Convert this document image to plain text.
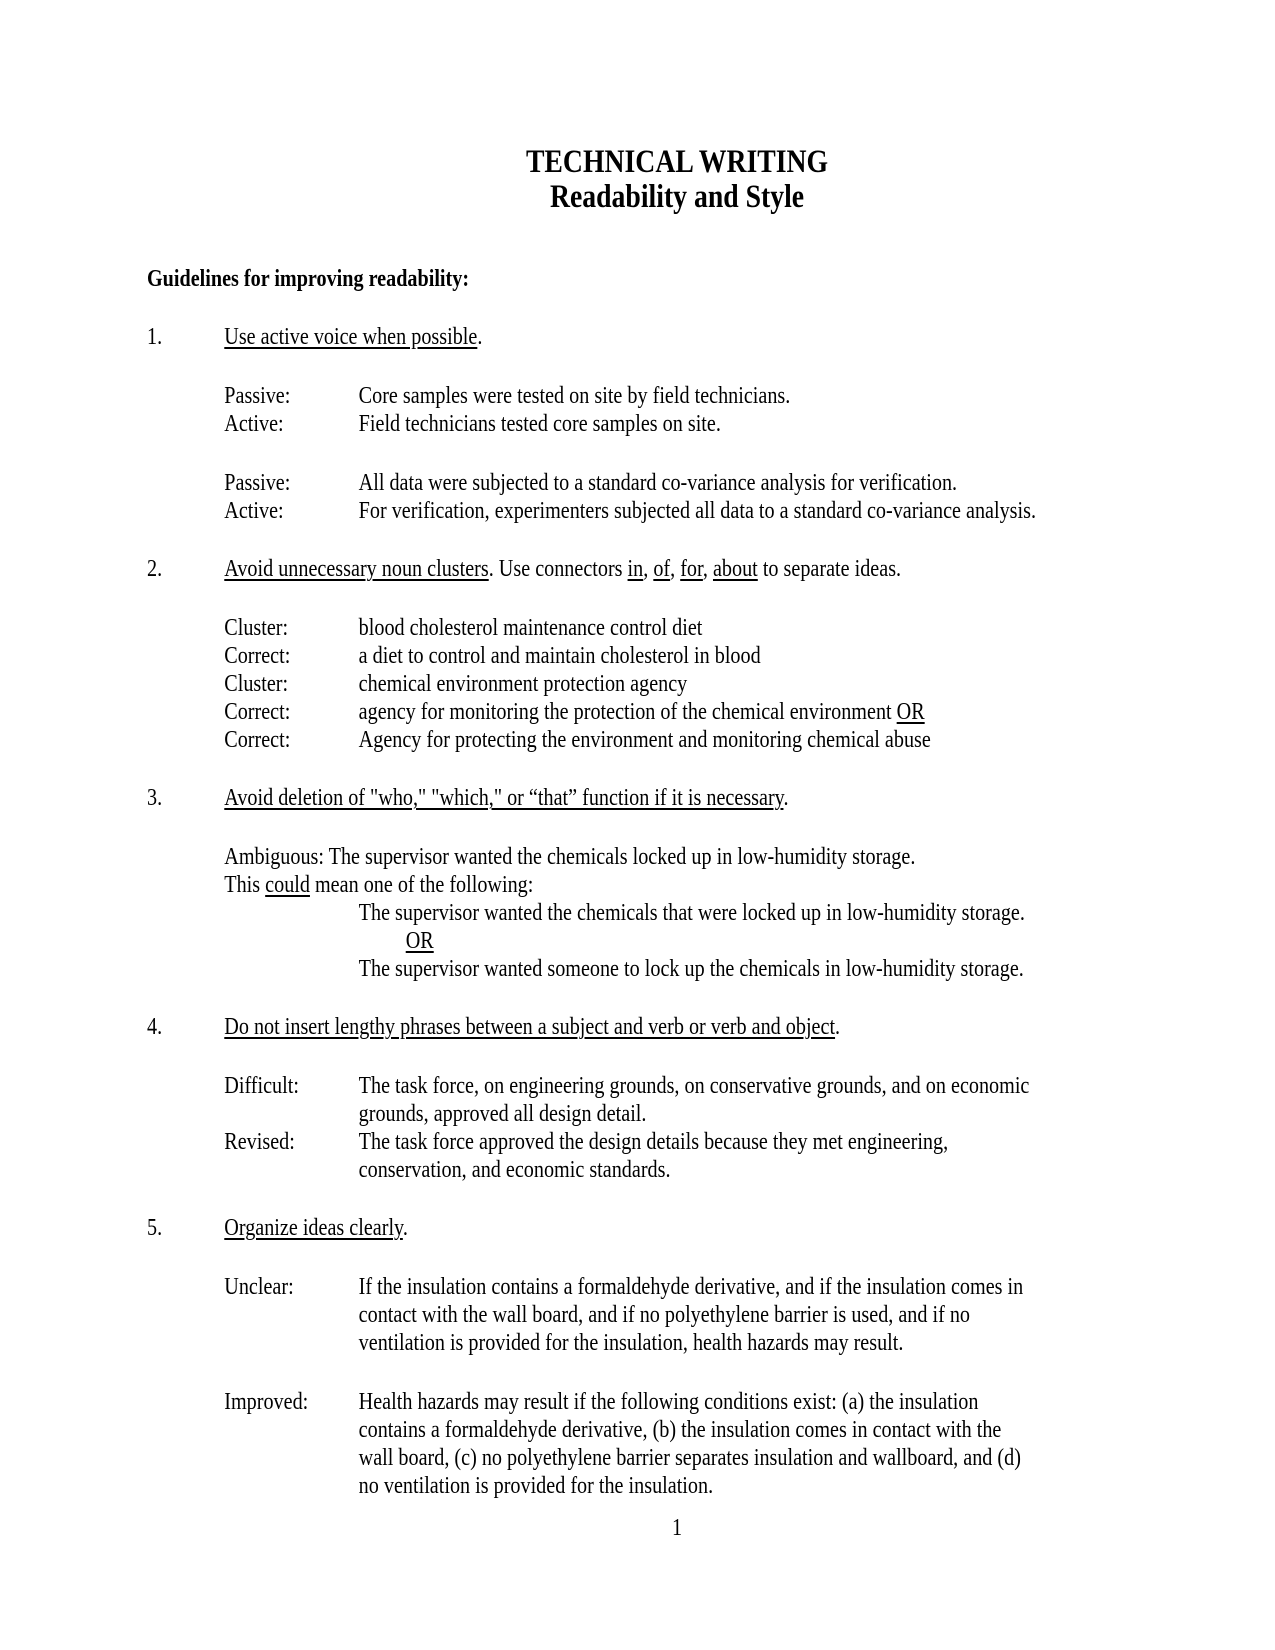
TECHNICAL WRITING
Readability and Style
Guidelines for improving readability:
1.	Use active voice when possible.
Passive:	Core samples were tested on site by field technicians.
Active:	Field technicians tested core samples on site.
Passive:	All data were subjected to a standard co-variance analysis for verification.
Active:	For verification, experimenters subjected all data to a standard co-variance analysis.
2.	Avoid unnecessary noun clusters. Use connectors in, of, for, about to separate ideas.
Cluster:	blood cholesterol maintenance control diet
Correct:	a diet to control and maintain cholesterol in blood
Cluster:	chemical environment protection agency
Correct:	agency for monitoring the protection of the chemical environment OR
Correct:	Agency for protecting the environment and monitoring chemical abuse
3.	Avoid deletion of "who," "which," or “that” function if it is necessary.
Ambiguous: The supervisor wanted the chemicals locked up in low-humidity storage.
This could mean one of the following:
The supervisor wanted the chemicals that were locked up in low-humidity storage.
OR
The supervisor wanted someone to lock up the chemicals in low-humidity storage.
4.	Do not insert lengthy phrases between a subject and verb or verb and object.
Difficult:	The task force, on engineering grounds, on conservative grounds, and on economic
grounds, approved all design detail.
Revised:	The task force approved the design details because they met engineering,
conservation, and economic standards.
5.	Organize ideas clearly.
Unclear:	If the insulation contains a formaldehyde derivative, and if the insulation comes in
contact with the wall board, and if no polyethylene barrier is used, and if no
ventilation is provided for the insulation, health hazards may result.
Improved:	Health hazards may result if the following conditions exist: (a) the insulation
contains a formaldehyde derivative, (b) the insulation comes in contact with the
wall board, (c) no polyethylene barrier separates insulation and wallboard, and (d)
no ventilation is provided for the insulation.
1
